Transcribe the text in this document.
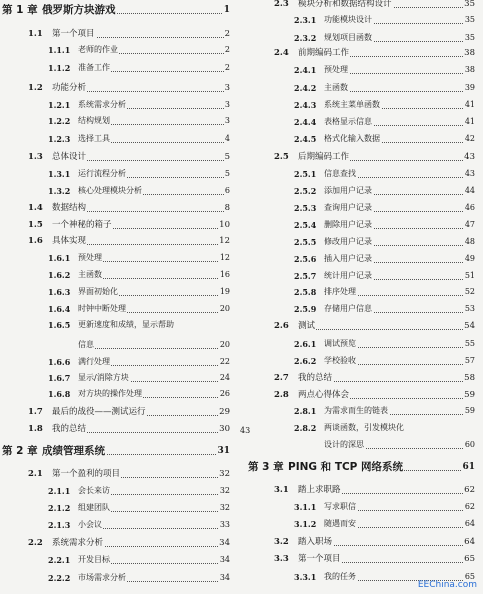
第 1 章 俄罗斯方块游戏	1
1.1 第一个项目	2
1.1.1 老师的作业	2
1.1.2 准备工作	2
1.2 功能分析	3
1.2.1 系统需求分析	3
1.2.2 结构规划	3
1.2.3 选择工具	4
1.3 总体设计	5
1.3.1 运行流程分析	5
1.3.2 核心处理模块分析	6
1.4 数据结构	8
1.5 一个神秘的箱子	10
1.6 具体实现	12
1.6.1 预处理	12
1.6.2 主函数	16
1.6.3 界面初始化	19
1.6.4 时钟中断处理	20
1.6.5 更新速度和成绩，显示帮助
信息	20
1.6.6 满行处理	22
1.6.7 显示/消除方块	24
1.6.8 对方块的操作处理	26
1.7 最后的战役——测试运行	29
1.8 我的总结	30
第 2 章 成绩管理系统	31
2.1 第一个盈利的项目	32
2.1.1 会长来访	32
2.1.2 组建团队	32
2.1.3 小会议	33
2.2 系统需求分析	34
2.2.1 开发目标	34
2.2.2 市场需求分析	34
2.3 模块分析和数据结构设计	35
2.3.1 功能模块设计	35
2.3.2 规划项目函数	35
2.4 前期编码工作	38
2.4.1 预处理	38
2.4.2 主函数	39
2.4.3 系统主菜单函数	41
2.4.4 表格显示信息	41
2.4.5 格式化输入数据	42
2.5 后期编码工作	43
2.5.1 信息查找	43
2.5.2 添加用户记录	44
2.5.3 查询用户记录	46
2.5.4 删除用户记录	47
2.5.5 修改用户记录	48
2.5.6 插入用户记录	49
2.5.7 统计用户记录	51
2.5.8 排序处理	52
2.5.9 存储用户信息	53
2.6 测试	54
2.6.1 调试预览	55
2.6.2 学校验收	57
2.7 我的总结	58
2.8 两点心得体会	59
2.8.1 为需求而生的链表	59
2.8.2 两谈函数，引发模块化
设计的深思	60
第 3 章 PING 和 TCP 网络系统	61
3.1 踏上求职路	62
3.1.1 写求职信	62
3.1.2 随遇而安	64
3.2 踏入职场	64
3.3 第一个项目	65
3.3.1 我的任务	65
43
EEChina.com
